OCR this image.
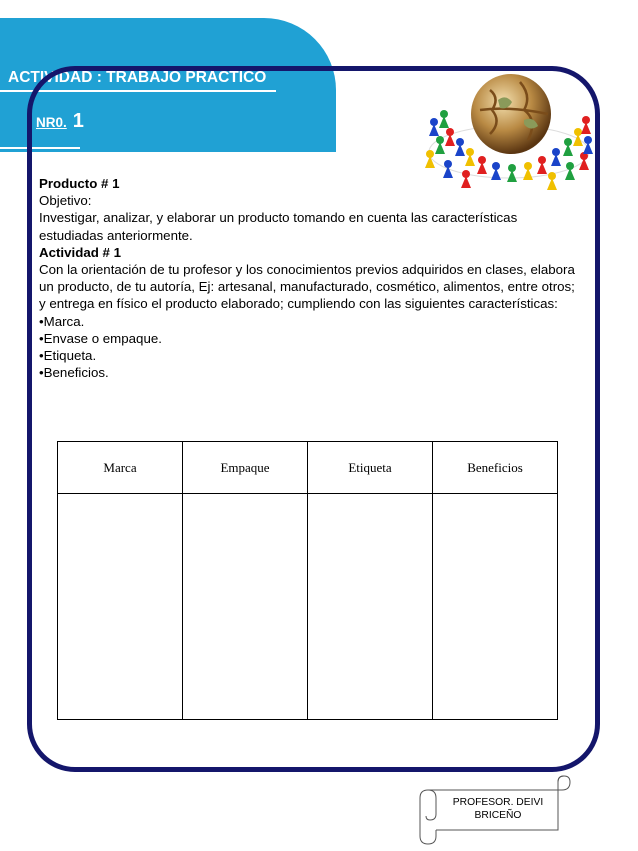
ACTIVIDAD : TRABAJO PRACTICO
NR0. 1

Producto # 1

Objetivo:

Investigar, analizar, y elaborar un producto tomando en cuenta las características estudiadas anteriormente.

Actividad # 1

Con la orientación de tu profesor y los conocimientos previos adquiridos en clases, elabora un producto, de tu autoría, Ej: artesanal, manufacturado, cosmético, alimentos, entre otros; y entrega en físico el producto elaborado; cumpliendo con las siguientes características:

•Marca.

•Envase o empaque.

•Etiqueta.

•Beneficios.

Marca	Empaque	Etiqueta	Beneficios

PROFESOR. DEIVI
BRICEÑO
